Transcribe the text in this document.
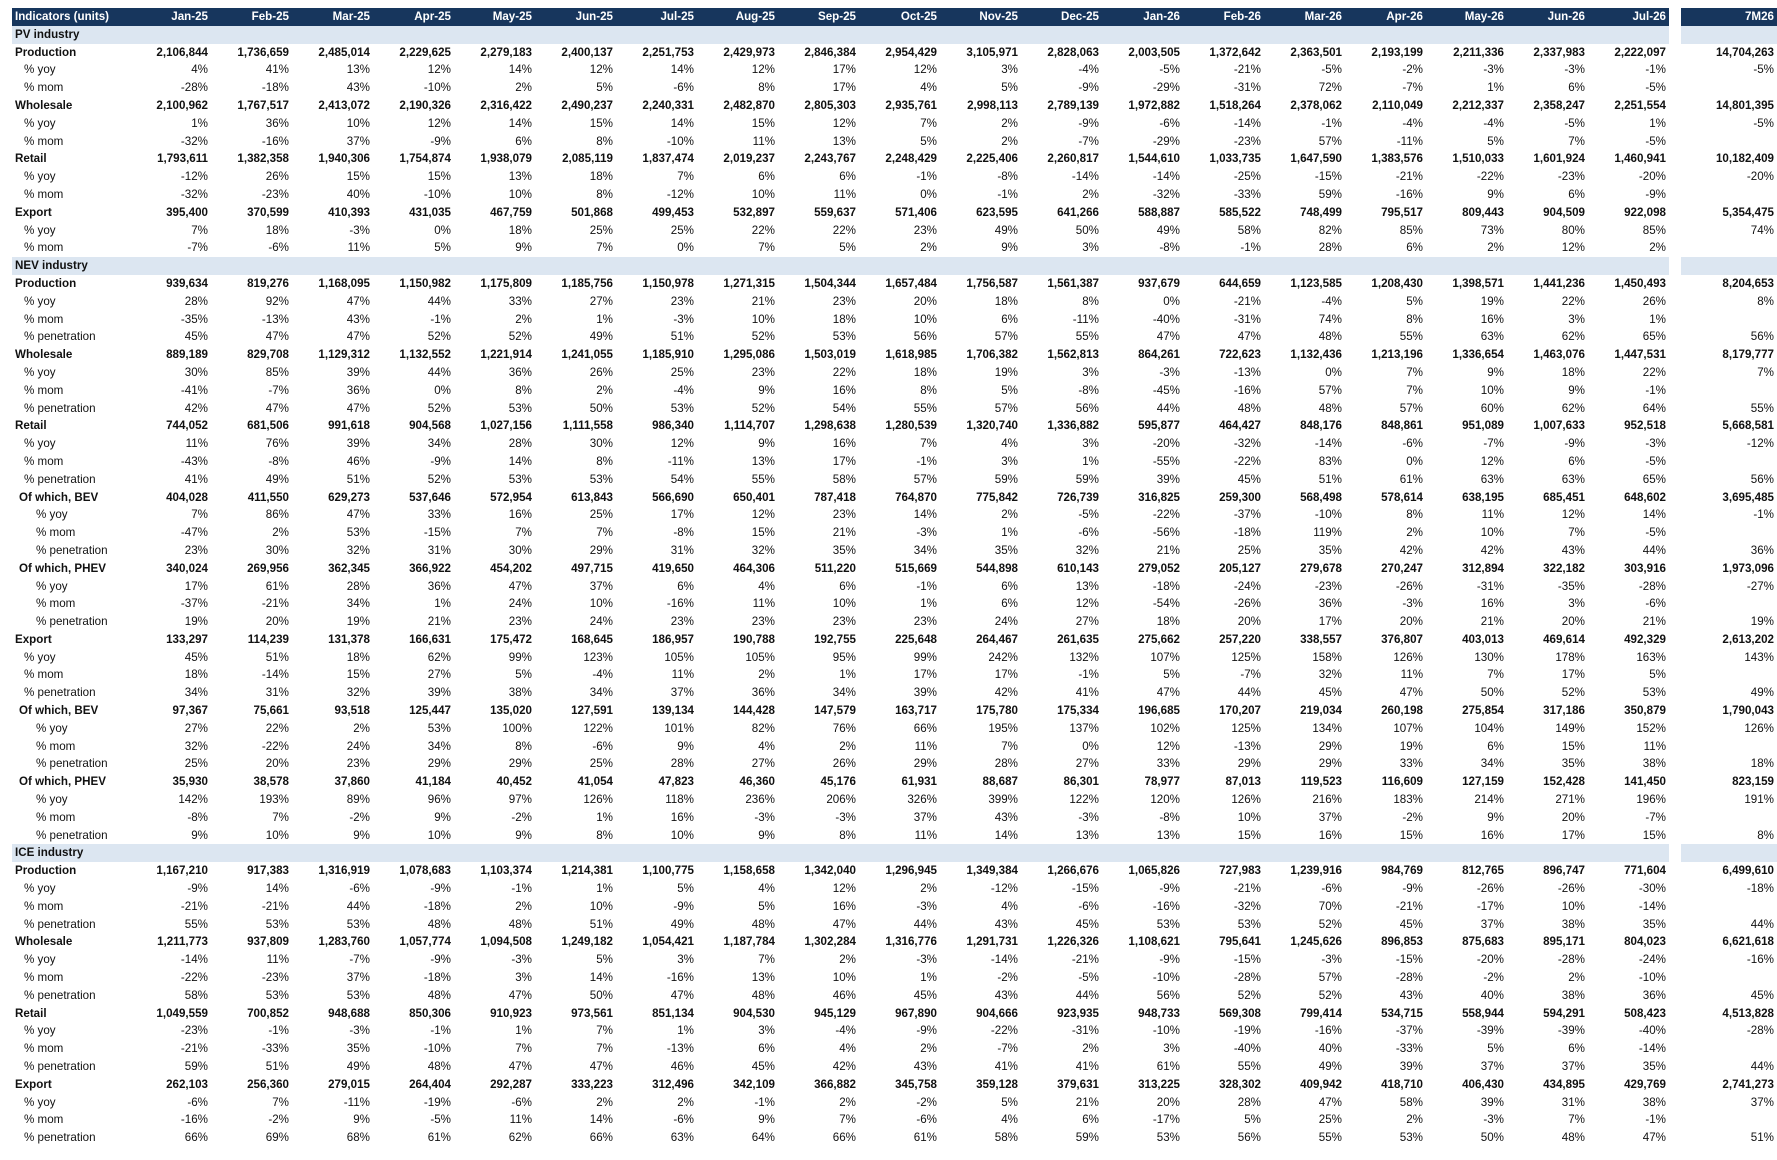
Indicators (units)	Jan-25	Feb-25	Mar-25	Apr-25	May-25	Jun-25	Jul-25	Aug-25	Sep-25	Oct-25	Nov-25	Dec-25	Jan-26	Feb-26	Mar-26	Apr-26	May-26	Jun-26	Jul-26		7M26
PV industry																					
Production	2,106,844	1,736,659	2,485,014	2,229,625	2,279,183	2,400,137	2,251,753	2,429,973	2,846,384	2,954,429	3,105,971	2,828,063	2,003,505	1,372,642	2,363,501	2,193,199	2,211,336	2,337,983	2,222,097		14,704,263
% yoy	4%	41%	13%	12%	14%	12%	14%	12%	17%	12%	3%	-4%	-5%	-21%	-5%	-2%	-3%	-3%	-1%		-5%
% mom	-28%	-18%	43%	-10%	2%	5%	-6%	8%	17%	4%	5%	-9%	-29%	-31%	72%	-7%	1%	6%	-5%		
Wholesale	2,100,962	1,767,517	2,413,072	2,190,326	2,316,422	2,490,237	2,240,331	2,482,870	2,805,303	2,935,761	2,998,113	2,789,139	1,972,882	1,518,264	2,378,062	2,110,049	2,212,337	2,358,247	2,251,554		14,801,395
% yoy	1%	36%	10%	12%	14%	15%	14%	15%	12%	7%	2%	-9%	-6%	-14%	-1%	-4%	-4%	-5%	1%		-5%
% mom	-32%	-16%	37%	-9%	6%	8%	-10%	11%	13%	5%	2%	-7%	-29%	-23%	57%	-11%	5%	7%	-5%		
Retail	1,793,611	1,382,358	1,940,306	1,754,874	1,938,079	2,085,119	1,837,474	2,019,237	2,243,767	2,248,429	2,225,406	2,260,817	1,544,610	1,033,735	1,647,590	1,383,576	1,510,033	1,601,924	1,460,941		10,182,409
% yoy	-12%	26%	15%	15%	13%	18%	7%	6%	6%	-1%	-8%	-14%	-14%	-25%	-15%	-21%	-22%	-23%	-20%		-20%
% mom	-32%	-23%	40%	-10%	10%	8%	-12%	10%	11%	0%	-1%	2%	-32%	-33%	59%	-16%	9%	6%	-9%		
Export	395,400	370,599	410,393	431,035	467,759	501,868	499,453	532,897	559,637	571,406	623,595	641,266	588,887	585,522	748,499	795,517	809,443	904,509	922,098		5,354,475
% yoy	7%	18%	-3%	0%	18%	25%	25%	22%	22%	23%	49%	50%	49%	58%	82%	85%	73%	80%	85%		74%
% mom	-7%	-6%	11%	5%	9%	7%	0%	7%	5%	2%	9%	3%	-8%	-1%	28%	6%	2%	12%	2%		
NEV industry																					
Production	939,634	819,276	1,168,095	1,150,982	1,175,809	1,185,756	1,150,978	1,271,315	1,504,344	1,657,484	1,756,587	1,561,387	937,679	644,659	1,123,585	1,208,430	1,398,571	1,441,236	1,450,493		8,204,653
% yoy	28%	92%	47%	44%	33%	27%	23%	21%	23%	20%	18%	8%	0%	-21%	-4%	5%	19%	22%	26%		8%
% mom	-35%	-13%	43%	-1%	2%	1%	-3%	10%	18%	10%	6%	-11%	-40%	-31%	74%	8%	16%	3%	1%		
% penetration	45%	47%	47%	52%	52%	49%	51%	52%	53%	56%	57%	55%	47%	47%	48%	55%	63%	62%	65%		56%
Wholesale	889,189	829,708	1,129,312	1,132,552	1,221,914	1,241,055	1,185,910	1,295,086	1,503,019	1,618,985	1,706,382	1,562,813	864,261	722,623	1,132,436	1,213,196	1,336,654	1,463,076	1,447,531		8,179,777
% yoy	30%	85%	39%	44%	36%	26%	25%	23%	22%	18%	19%	3%	-3%	-13%	0%	7%	9%	18%	22%		7%
% mom	-41%	-7%	36%	0%	8%	2%	-4%	9%	16%	8%	5%	-8%	-45%	-16%	57%	7%	10%	9%	-1%		
% penetration	42%	47%	47%	52%	53%	50%	53%	52%	54%	55%	57%	56%	44%	48%	48%	57%	60%	62%	64%		55%
Retail	744,052	681,506	991,618	904,568	1,027,156	1,111,558	986,340	1,114,707	1,298,638	1,280,539	1,320,740	1,336,882	595,877	464,427	848,176	848,861	951,089	1,007,633	952,518		5,668,581
% yoy	11%	76%	39%	34%	28%	30%	12%	9%	16%	7%	4%	3%	-20%	-32%	-14%	-6%	-7%	-9%	-3%		-12%
% mom	-43%	-8%	46%	-9%	14%	8%	-11%	13%	17%	-1%	3%	1%	-55%	-22%	83%	0%	12%	6%	-5%		
% penetration	41%	49%	51%	52%	53%	53%	54%	55%	58%	57%	59%	59%	39%	45%	51%	61%	63%	63%	65%		56%
Of which, BEV	404,028	411,550	629,273	537,646	572,954	613,843	566,690	650,401	787,418	764,870	775,842	726,739	316,825	259,300	568,498	578,614	638,195	685,451	648,602		3,695,485
% yoy	7%	86%	47%	33%	16%	25%	17%	12%	23%	14%	2%	-5%	-22%	-37%	-10%	8%	11%	12%	14%		-1%
% mom	-47%	2%	53%	-15%	7%	7%	-8%	15%	21%	-3%	1%	-6%	-56%	-18%	119%	2%	10%	7%	-5%		
% penetration	23%	30%	32%	31%	30%	29%	31%	32%	35%	34%	35%	32%	21%	25%	35%	42%	42%	43%	44%		36%
Of which, PHEV	340,024	269,956	362,345	366,922	454,202	497,715	419,650	464,306	511,220	515,669	544,898	610,143	279,052	205,127	279,678	270,247	312,894	322,182	303,916		1,973,096
% yoy	17%	61%	28%	36%	47%	37%	6%	4%	6%	-1%	6%	13%	-18%	-24%	-23%	-26%	-31%	-35%	-28%		-27%
% mom	-37%	-21%	34%	1%	24%	10%	-16%	11%	10%	1%	6%	12%	-54%	-26%	36%	-3%	16%	3%	-6%		
% penetration	19%	20%	19%	21%	23%	24%	23%	23%	23%	23%	24%	27%	18%	20%	17%	20%	21%	20%	21%		19%
Export	133,297	114,239	131,378	166,631	175,472	168,645	186,957	190,788	192,755	225,648	264,467	261,635	275,662	257,220	338,557	376,807	403,013	469,614	492,329		2,613,202
% yoy	45%	51%	18%	62%	99%	123%	105%	105%	95%	99%	242%	132%	107%	125%	158%	126%	130%	178%	163%		143%
% mom	18%	-14%	15%	27%	5%	-4%	11%	2%	1%	17%	17%	-1%	5%	-7%	32%	11%	7%	17%	5%		
% penetration	34%	31%	32%	39%	38%	34%	37%	36%	34%	39%	42%	41%	47%	44%	45%	47%	50%	52%	53%		49%
Of which, BEV	97,367	75,661	93,518	125,447	135,020	127,591	139,134	144,428	147,579	163,717	175,780	175,334	196,685	170,207	219,034	260,198	275,854	317,186	350,879		1,790,043
% yoy	27%	22%	2%	53%	100%	122%	101%	82%	76%	66%	195%	137%	102%	125%	134%	107%	104%	149%	152%		126%
% mom	32%	-22%	24%	34%	8%	-6%	9%	4%	2%	11%	7%	0%	12%	-13%	29%	19%	6%	15%	11%		
% penetration	25%	20%	23%	29%	29%	25%	28%	27%	26%	29%	28%	27%	33%	29%	29%	33%	34%	35%	38%		18%
Of which, PHEV	35,930	38,578	37,860	41,184	40,452	41,054	47,823	46,360	45,176	61,931	88,687	86,301	78,977	87,013	119,523	116,609	127,159	152,428	141,450		823,159
% yoy	142%	193%	89%	96%	97%	126%	118%	236%	206%	326%	399%	122%	120%	126%	216%	183%	214%	271%	196%		191%
% mom	-8%	7%	-2%	9%	-2%	1%	16%	-3%	-3%	37%	43%	-3%	-8%	10%	37%	-2%	9%	20%	-7%		
% penetration	9%	10%	9%	10%	9%	8%	10%	9%	8%	11%	14%	13%	13%	15%	16%	15%	16%	17%	15%		8%
ICE industry																					
Production	1,167,210	917,383	1,316,919	1,078,683	1,103,374	1,214,381	1,100,775	1,158,658	1,342,040	1,296,945	1,349,384	1,266,676	1,065,826	727,983	1,239,916	984,769	812,765	896,747	771,604		6,499,610
% yoy	-9%	14%	-6%	-9%	-1%	1%	5%	4%	12%	2%	-12%	-15%	-9%	-21%	-6%	-9%	-26%	-26%	-30%		-18%
% mom	-21%	-21%	44%	-18%	2%	10%	-9%	5%	16%	-3%	4%	-6%	-16%	-32%	70%	-21%	-17%	10%	-14%		
% penetration	55%	53%	53%	48%	48%	51%	49%	48%	47%	44%	43%	45%	53%	53%	52%	45%	37%	38%	35%		44%
Wholesale	1,211,773	937,809	1,283,760	1,057,774	1,094,508	1,249,182	1,054,421	1,187,784	1,302,284	1,316,776	1,291,731	1,226,326	1,108,621	795,641	1,245,626	896,853	875,683	895,171	804,023		6,621,618
% yoy	-14%	11%	-7%	-9%	-3%	5%	3%	7%	2%	-3%	-14%	-21%	-9%	-15%	-3%	-15%	-20%	-28%	-24%		-16%
% mom	-22%	-23%	37%	-18%	3%	14%	-16%	13%	10%	1%	-2%	-5%	-10%	-28%	57%	-28%	-2%	2%	-10%		
% penetration	58%	53%	53%	48%	47%	50%	47%	48%	46%	45%	43%	44%	56%	52%	52%	43%	40%	38%	36%		45%
Retail	1,049,559	700,852	948,688	850,306	910,923	973,561	851,134	904,530	945,129	967,890	904,666	923,935	948,733	569,308	799,414	534,715	558,944	594,291	508,423		4,513,828
% yoy	-23%	-1%	-3%	-1%	1%	7%	1%	3%	-4%	-9%	-22%	-31%	-10%	-19%	-16%	-37%	-39%	-39%	-40%		-28%
% mom	-21%	-33%	35%	-10%	7%	7%	-13%	6%	4%	2%	-7%	2%	3%	-40%	40%	-33%	5%	6%	-14%		
% penetration	59%	51%	49%	48%	47%	47%	46%	45%	42%	43%	41%	41%	61%	55%	49%	39%	37%	37%	35%		44%
Export	262,103	256,360	279,015	264,404	292,287	333,223	312,496	342,109	366,882	345,758	359,128	379,631	313,225	328,302	409,942	418,710	406,430	434,895	429,769		2,741,273
% yoy	-6%	7%	-11%	-19%	-6%	2%	2%	-1%	2%	-2%	5%	21%	20%	28%	47%	58%	39%	31%	38%		37%
% mom	-16%	-2%	9%	-5%	11%	14%	-6%	9%	7%	-6%	4%	6%	-17%	5%	25%	2%	-3%	7%	-1%		
% penetration	66%	69%	68%	61%	62%	66%	63%	64%	66%	61%	58%	59%	53%	56%	55%	53%	50%	48%	47%		51%
